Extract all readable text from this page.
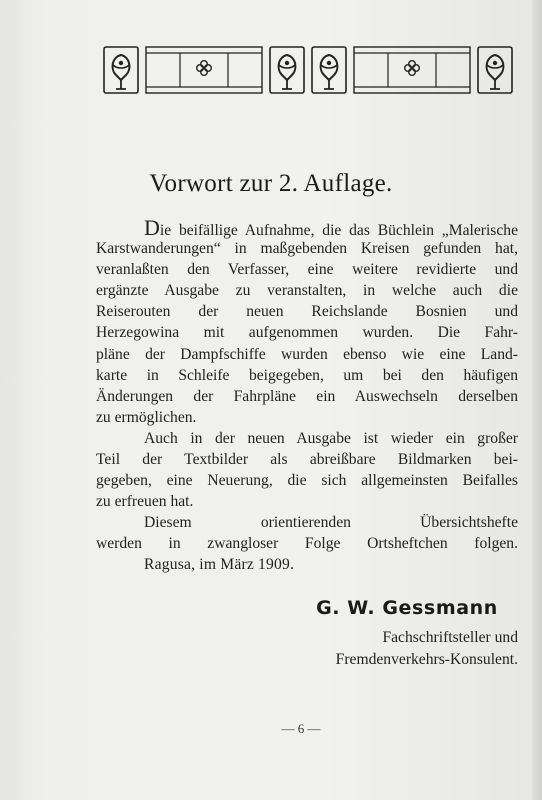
Vorwort zur 2. Auflage.
Die beifällige Aufnahme, die das Büchlein „Malerische
Karstwanderungen“ in maßgebenden Kreisen gefunden hat,
veranlaßten den Verfasser, eine weitere revidierte und
ergänzte Ausgabe zu veranstalten, in welche auch die
Reiserouten der neuen Reichslande Bosnien und
Herzegowina mit aufgenommen wurden. Die Fahr-
pläne der Dampfschiffe wurden ebenso wie eine Land-
karte in Schleife beigegeben, um bei den häufigen
Änderungen der Fahrpläne ein Auswechseln derselben
zu ermöglichen.
Auch in der neuen Ausgabe ist wieder ein großer
Teil der Textbilder als abreißbare Bildmarken bei-
gegeben, eine Neuerung, die sich allgemeinsten Beifalles
zu erfreuen hat.
Diesem orientierenden Übersichtshefte
werden in zwangloser Folge Ortsheftchen folgen.
Ragusa, im März 1909.
G. W. Gessmann
Fachschriftsteller und
Fremdenverkehrs-Konsulent.
— 6 —
